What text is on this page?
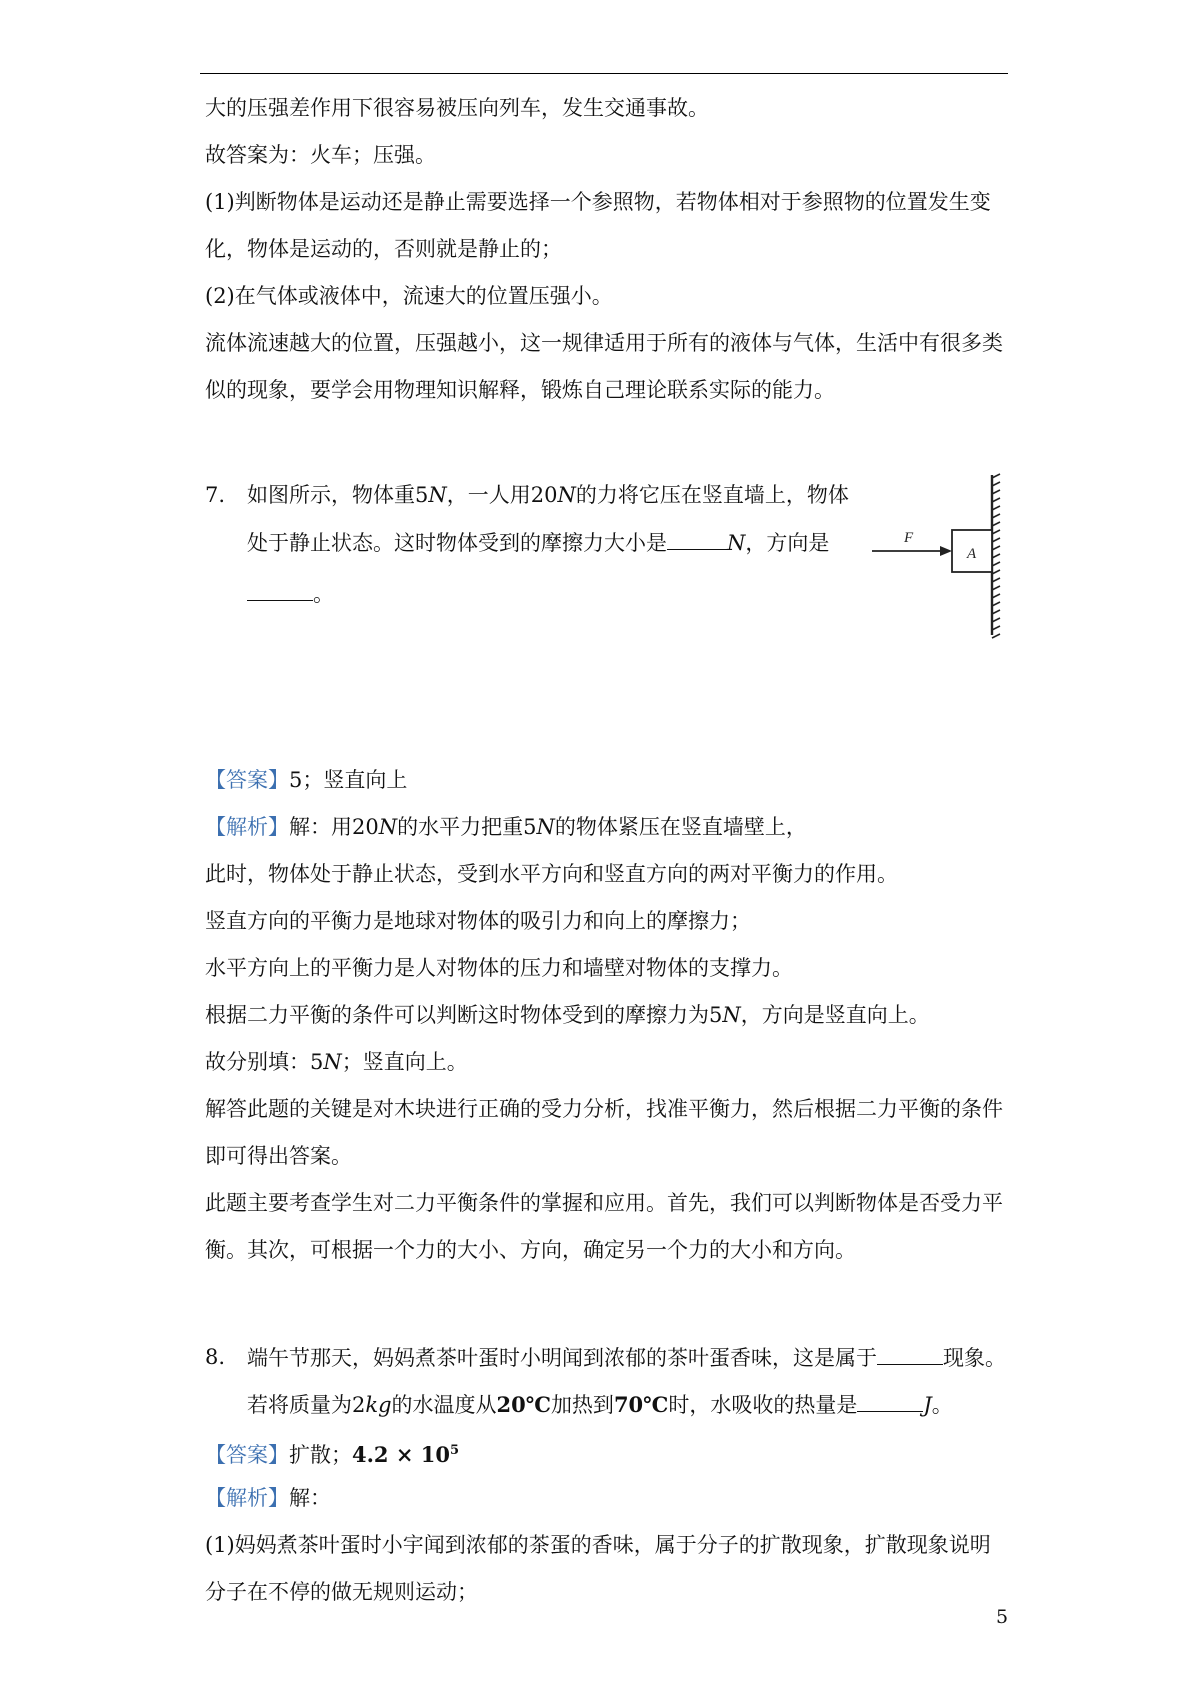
大的压强差作用下很容易被压向列车，发生交通事故。
故答案为：火车；压强。
(1)判断物体是运动还是静止需要选择一个参照物，若物体相对于参照物的位置发生变
化，物体是运动的，否则就是静止的；
(2)在气体或液体中，流速大的位置压强小。
流体流速越大的位置，压强越小，这一规律适用于所有的液体与气体，生活中有很多类
似的现象，要学会用物理知识解释，锻炼自己理论联系实际的能力。
7. 如图所示，物体重5N，一人用20N的力将它压在竖直墙上，物体
处于静止状态。这时物体受到的摩擦力大小是	N，方向是
。
A
F
【答案】5；竖直向上
【解析】解：用20N的水平力把重5N的物体紧压在竖直墙壁上，
此时，物体处于静止状态，受到水平方向和竖直方向的两对平衡力的作用。
竖直方向的平衡力是地球对物体的吸引力和向上的摩擦力；
水平方向上的平衡力是人对物体的压力和墙壁对物体的支撑力。
根据二力平衡的条件可以判断这时物体受到的摩擦力为5N，方向是竖直向上。
故分别填：5N；竖直向上。
解答此题的关键是对木块进行正确的受力分析，找准平衡力，然后根据二力平衡的条件
即可得出答案。
此题主要考查学生对二力平衡条件的掌握和应用。首先，我们可以判断物体是否受力平
衡。其次，可根据一个力的大小、方向，确定另一个力的大小和方向。
8. 端午节那天，妈妈煮茶叶蛋时小明闻到浓郁的茶叶蛋香味，这是属于	现象。
若将质量为2kg的水温度从20℃加热到70℃时，水吸收的热量是	J。
【答案】扩散；$4.2 \times 10^5$
【解析】解：
(1)妈妈煮茶叶蛋时小宇闻到浓郁的茶蛋的香味，属于分子的扩散现象，扩散现象说明
分子在不停的做无规则运动；
5
